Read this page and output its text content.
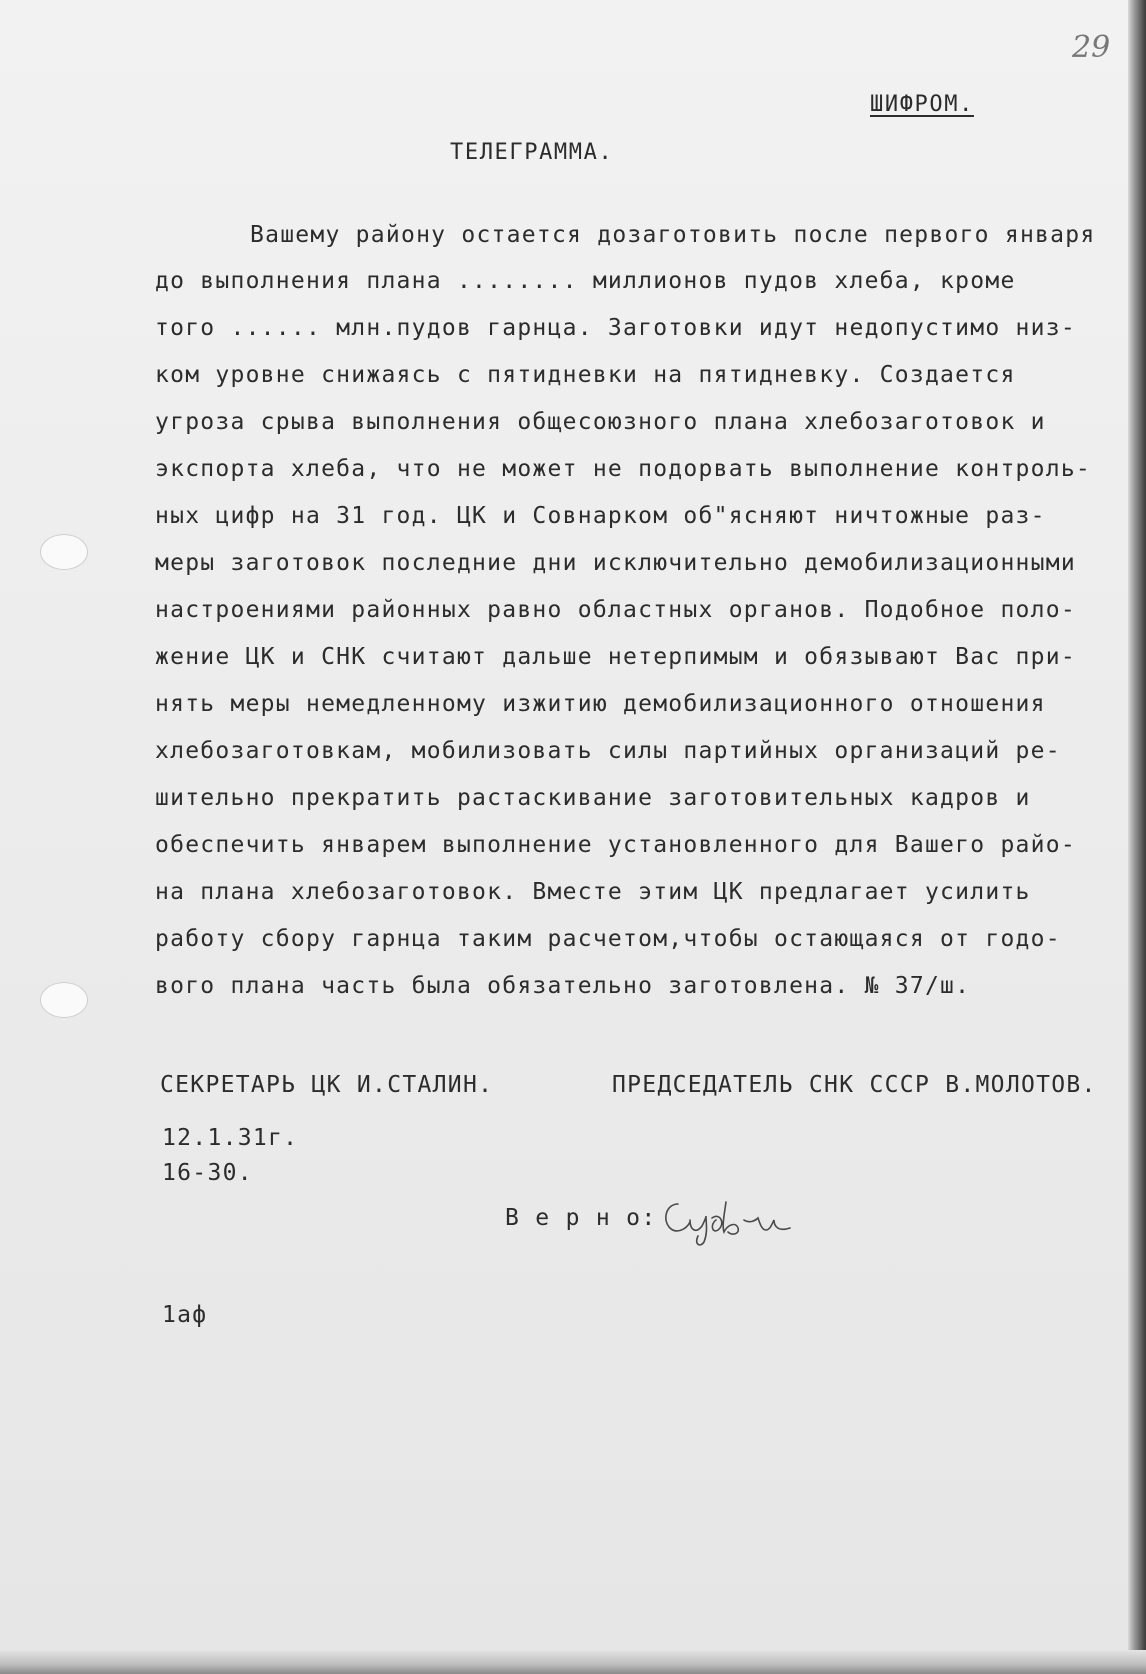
29
ШИФРОМ.
ТЕЛЕГРАММА.
Вашему району остается дозаготовить после первого января
до выполнения плана ........ миллионов пудов хлеба, кроме
того ...... млн.пудов гарнца. Заготовки идут недопустимо низ-
ком уровне снижаясь с пятидневки на пятидневку. Создается
угроза срыва выполнения общесоюзного плана хлебозаготовок и
экспорта хлеба, что не может не подорвать выполнение контроль-
ных цифр на 31 год. ЦК и Совнарком об"ясняют ничтожные раз-
меры заготовок последние дни исключительно демобилизационными
настроениями районных равно областных органов. Подобное поло-
жение ЦК и СНК считают дальше нетерпимым и обязывают Вас при-
нять меры немедленному изжитию демобилизационного отношения
хлебозаготовкам, мобилизовать силы партийных организаций ре-
шительно прекратить растаскивание заготовительных кадров и
обеспечить январем выполнение установленного для Вашего райо-
на плана хлебозаготовок. Вместе этим ЦК предлагает усилить
работу сбору гарнца таким расчетом,чтобы остающаяся от годо-
вого плана часть была обязательно заготовлена. № 37/ш.
СЕКРЕТАРЬ ЦК И.СТАЛИН.	ПРЕДСЕДАТЕЛЬ СНК СССР В.МОЛОТОВ.
12.1.31г.
16-30.
В е р н о:
1аф
